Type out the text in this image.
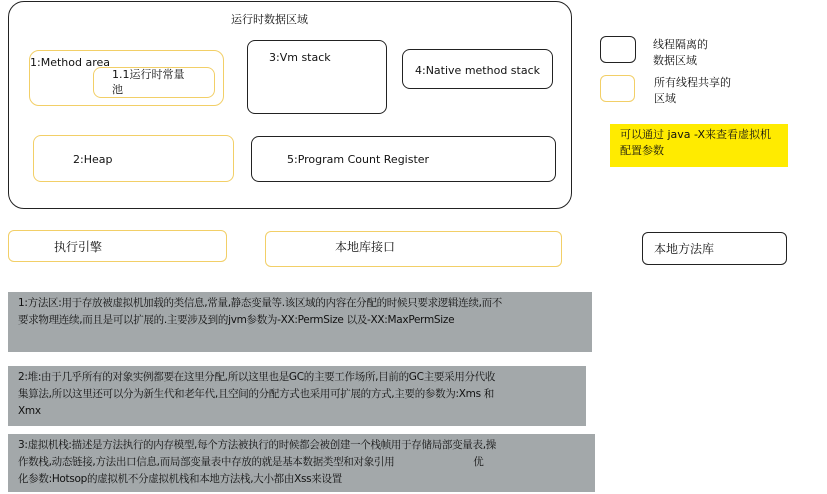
运行时数据区域
1:Method area
1.1运行时常量
池
3:Vm stack
4:Native method stack
2:Heap	5:Program Count Register
执行引擎	本地库接口	本地方法库
线程隔离的
数据区域
所有线程共享的
区域
可以通过 java -X来查看虚拟机
配置参数
1:方法区:用于存放被虚拟机加载的类信息,常量,静态变量等.该区域的内容在分配的时候只要求逻辑连续,而不
要求物理连续,而且是可以扩展的.主要涉及到的jvm参数为-XX:PermSize 以及-XX:MaxPermSize
2:堆:由于几乎所有的对象实例都要在这里分配,所以这里也是GC的主要工作场所,目前的GC主要采用分代收
集算法,所以这里还可以分为新生代和老年代,且空间的分配方式也采用可扩展的方式,主要的参数为:Xms 和
Xmx
3:虚拟机栈:描述是方法执行的内存模型,每个方法被执行的时候都会被创建一个栈帧用于存储局部变量表,操
作数栈,动态链接,方法出口信息,而局部变量表中存放的就是基本数据类型和对象引用                          优
化参数:Hotsop的虚拟机不分虚拟机栈和本地方法栈,大小都由Xss来设置
